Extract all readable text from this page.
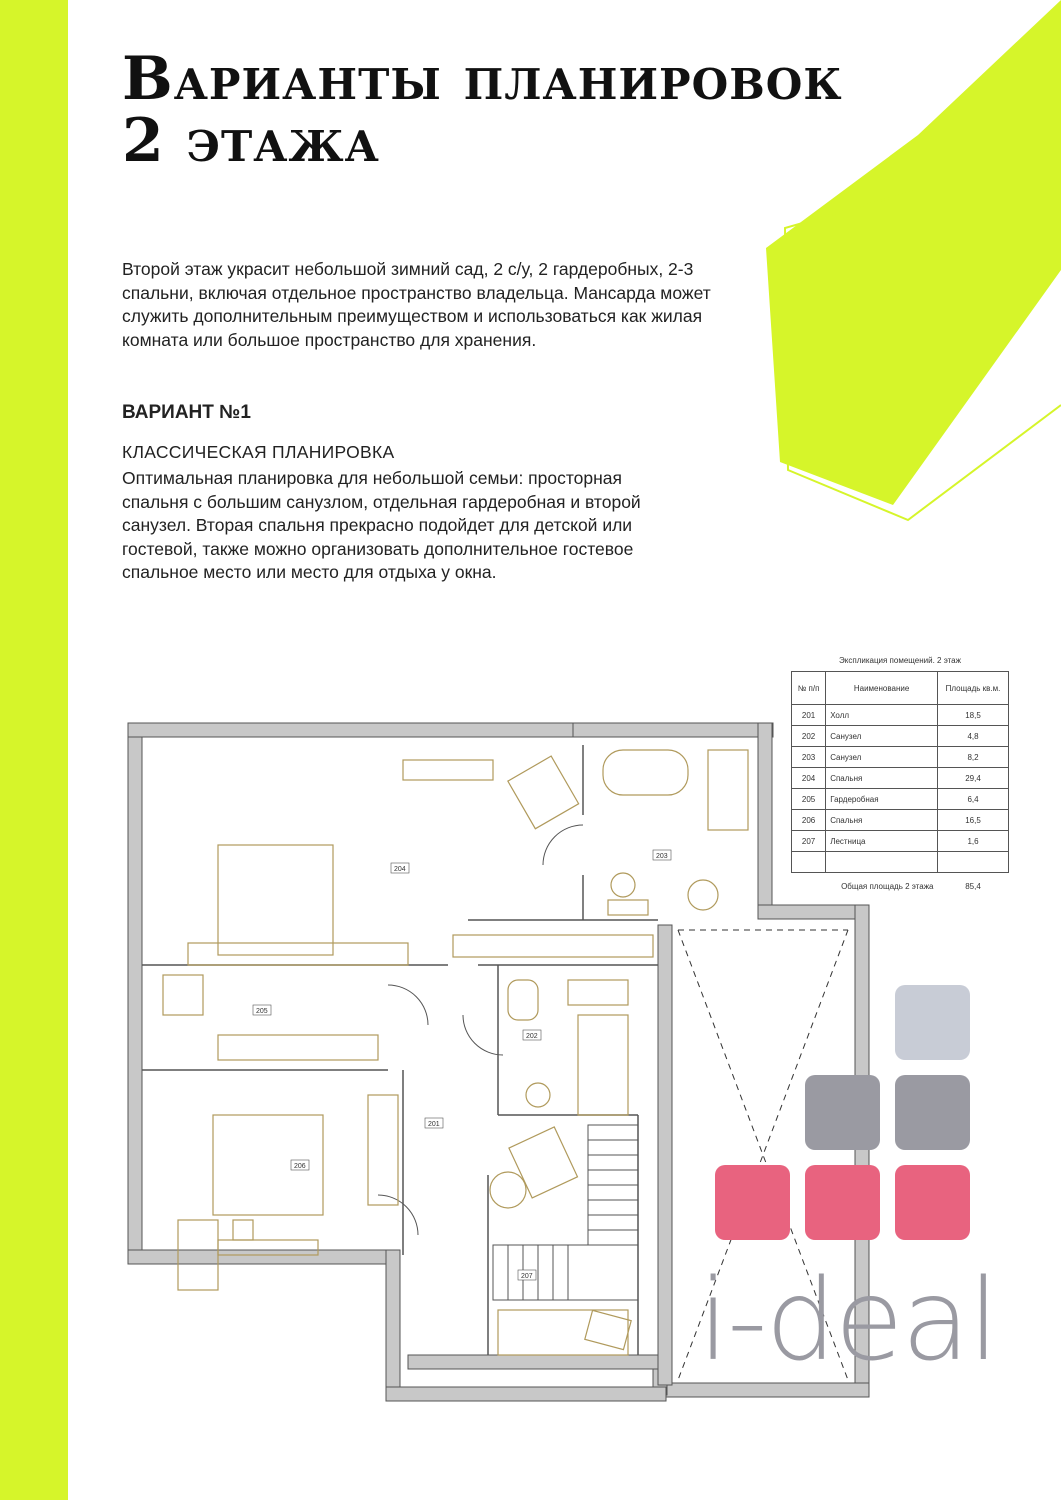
Варианты планировок
2 этажа

Второй этаж украсит небольшой зимний сад, 2 с/у, 2 гардеробных, 2-3 спальни, включая отдельное пространство владельца. Мансарда может служить дополнительным преимуществом и использоваться как жилая комната или большое пространство для хранения.

ВАРИАНТ №1

КЛАССИЧЕСКАЯ ПЛАНИРОВКА

Оптимальная планировка для небольшой семьи: просторная спальня с большим санузлом, отдельная гардеробная и второй санузел. Вторая спальня прекрасно подойдет для детской или гостевой, также можно организовать дополнительное гостевое спальное место или место для отдыха у окна.

204
203
205
202
201
206
207
Экспликация помещений. 2 этаж
№ п/п	Наименование	Площадь кв.м.
201	Холл	18,5
202	Санузел	4,8
203	Санузел	8,2
204	Спальня	29,4
205	Гардеробная	6,4
206	Спальня	16,5
207	Лестница	1,6

	Общая площадь 2 этажа	85,4

i-deal
